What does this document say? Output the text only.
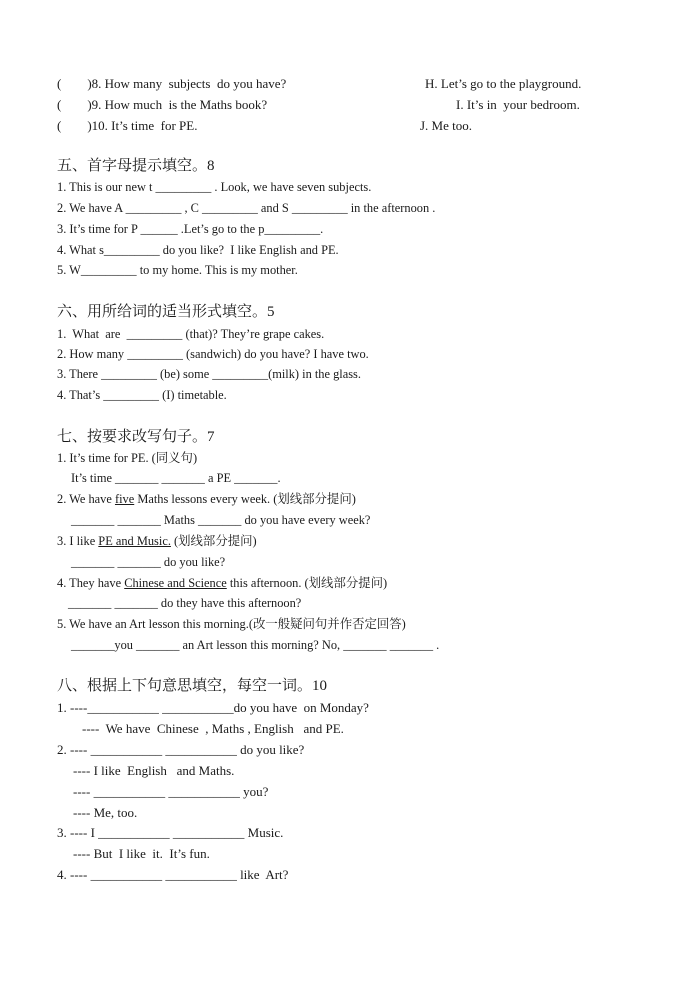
(        )8. How many  subjects  do you have?	H. Let’s go to the playground.
(        )9. How much  is the Maths book?	I. It’s in  your bedroom.
(        )10. It’s time  for PE.	J. Me too.
五、首字母提示填空。8
1. This is our new t _________ . Look, we have seven subjects.
2. We have A _________ , C _________ and S _________ in the afternoon .
3. It’s time for P ______ .Let’s go to the p_________.
4. What s_________ do you like?  I like English and PE.
5. W_________ to my home. This is my mother.
六、用所给词的适当形式填空。5
1.  What  are  _________ (that)? They’re grape cakes.
2. How many _________ (sandwich) do you have? I have two.
3. There _________ (be) some _________(milk) in the glass.
4. That’s _________ (I) timetable.
七、按要求改写句子。7
1. It’s time for PE. (同义句)
It’s time _______ _______ a PE _______.
2. We have five Maths lessons every week. (划线部分提问)
_______ _______ Maths _______ do you have every week?
3. I like PE and Music. (划线部分提问)
_______ _______ do you like?
4. They have Chinese and Science this afternoon. (划线部分提问)
_______ _______ do they have this afternoon?
5. We have an Art lesson this morning.(改一般疑问句并作否定回答)
_______you _______ an Art lesson this morning? No, _______ _______ .
八、根据上下句意思填空，每空一词。10
1. ----___________ ___________do you have  on Monday?
----  We have  Chinese  , Maths , English   and PE.
2. ---- ___________ ___________ do you like?
---- I like  English   and Maths.
---- ___________ ___________ you?
---- Me, too.
3. ---- I ___________ ___________ Music.
---- But  I like  it.  It’s fun.
4. ---- ___________ ___________ like  Art?
